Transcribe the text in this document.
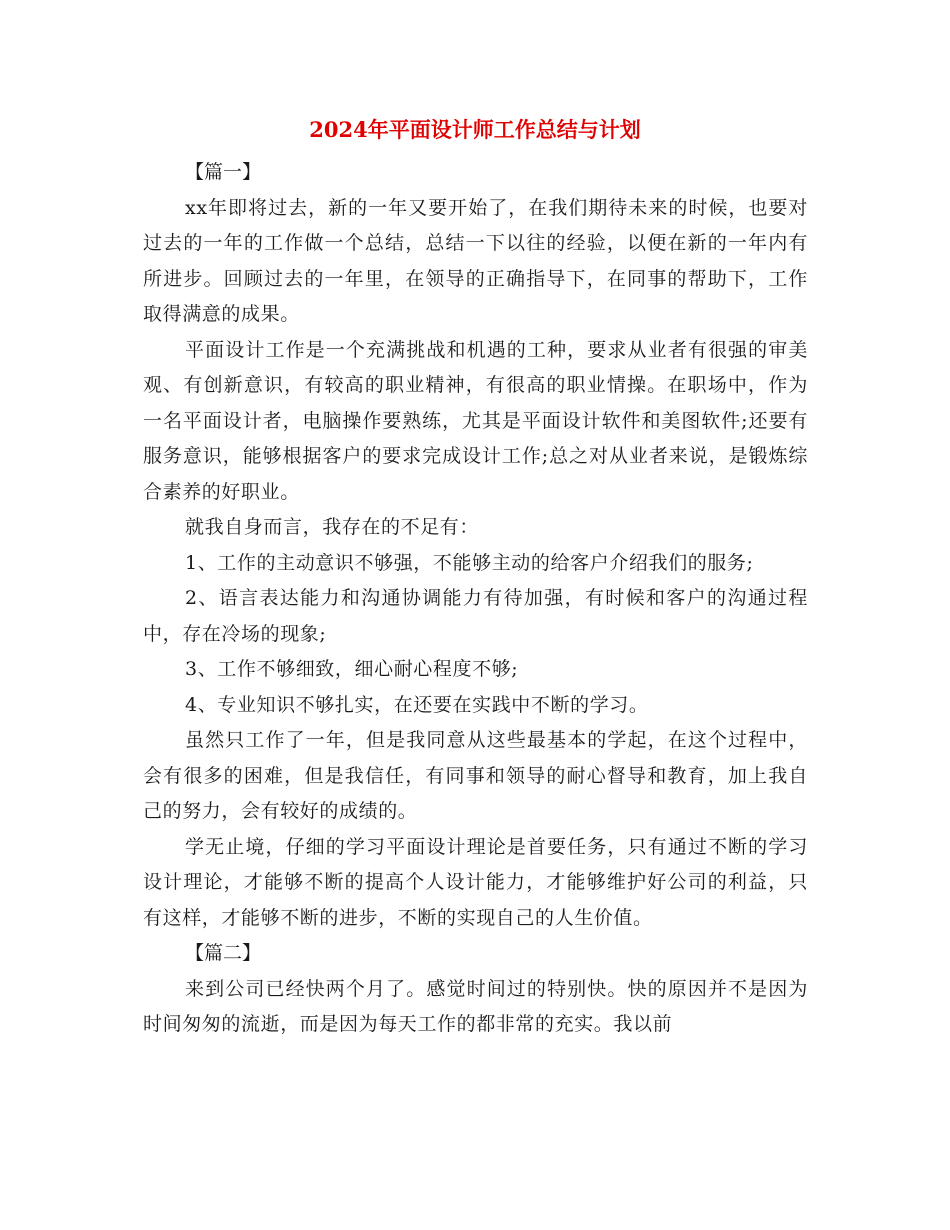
2024年平面设计师工作总结与计划

【篇一】

xx年即将过去，新的一年又要开始了，在我们期待未来的时候，也要对过去的一年的工作做一个总结，总结一下以往的经验，以便在新的一年内有所进步。回顾过去的一年里，在领导的正确指导下，在同事的帮助下，工作取得满意的成果。

平面设计工作是一个充满挑战和机遇的工种，要求从业者有很强的审美观、有创新意识，有较高的职业精神，有很高的职业情操。在职场中，作为一名平面设计者，电脑操作要熟练，尤其是平面设计软件和美图软件;还要有服务意识，能够根据客户的要求完成设计工作;总之对从业者来说，是锻炼综合素养的好职业。

就我自身而言，我存在的不足有：

1、工作的主动意识不够强，不能够主动的给客户介绍我们的服务;

2、语言表达能力和沟通协调能力有待加强，有时候和客户的沟通过程中，存在冷场的现象;

3、工作不够细致，细心耐心程度不够;

4、专业知识不够扎实，在还要在实践中不断的学习。

虽然只工作了一年，但是我同意从这些最基本的学起，在这个过程中，会有很多的困难，但是我信任，有同事和领导的耐心督导和教育，加上我自己的努力，会有较好的成绩的。

学无止境，仔细的学习平面设计理论是首要任务，只有通过不断的学习设计理论，才能够不断的提高个人设计能力，才能够维护好公司的利益，只有这样，才能够不断的进步，不断的实现自己的人生价值。

【篇二】

来到公司已经快两个月了。感觉时间过的特别快。快的原因并不是因为时间匆匆的流逝，而是因为每天工作的都非常的充实。我以前
